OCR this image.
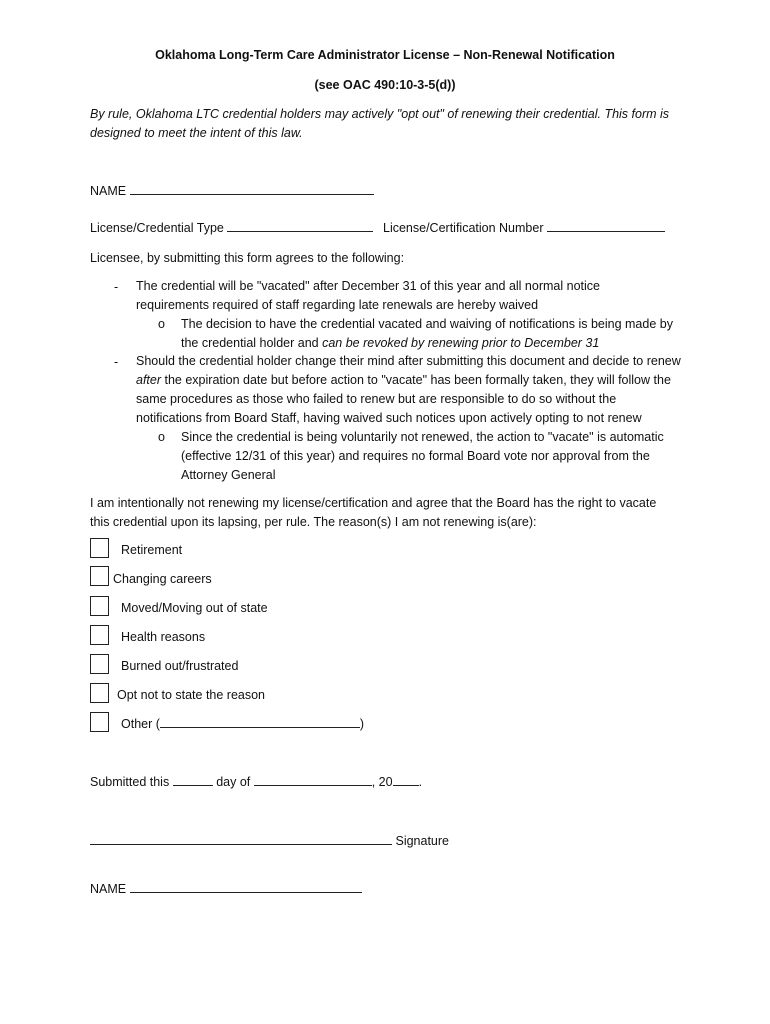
Oklahoma Long-Term Care Administrator License – Non-Renewal Notification
(see OAC 490:10-3-5(d))
By rule, Oklahoma LTC credential holders may actively "opt out" of renewing their credential. This form is designed to meet the intent of this law.
NAME
License/Credential Type	License/Certification Number
Licensee, by submitting this form agrees to the following:
- The credential will be "vacated" after December 31 of this year and all normal notice requirements required of staff regarding late renewals are hereby waived
o The decision to have the credential vacated and waiving of notifications is being made by the credential holder and can be revoked by renewing prior to December 31
- Should the credential holder change their mind after submitting this document and decide to renew after the expiration date but before action to "vacate" has been formally taken, they will follow the same procedures as those who failed to renew but are responsible to do so without the notifications from Board Staff, having waived such notices upon actively opting to not renew
o Since the credential is being voluntarily not renewed, the action to "vacate" is automatic (effective 12/31 of this year) and requires no formal Board vote nor approval from the Attorney General
I am intentionally not renewing my license/certification and agree that the Board has the right to vacate this credential upon its lapsing, per rule. The reason(s) I am not renewing is(are):
Retirement
Changing careers
Moved/Moving out of state
Health reasons
Burned out/frustrated
Opt not to state the reason
Other (	)
Submitted this	day of	, 20 .
Signature
NAME
